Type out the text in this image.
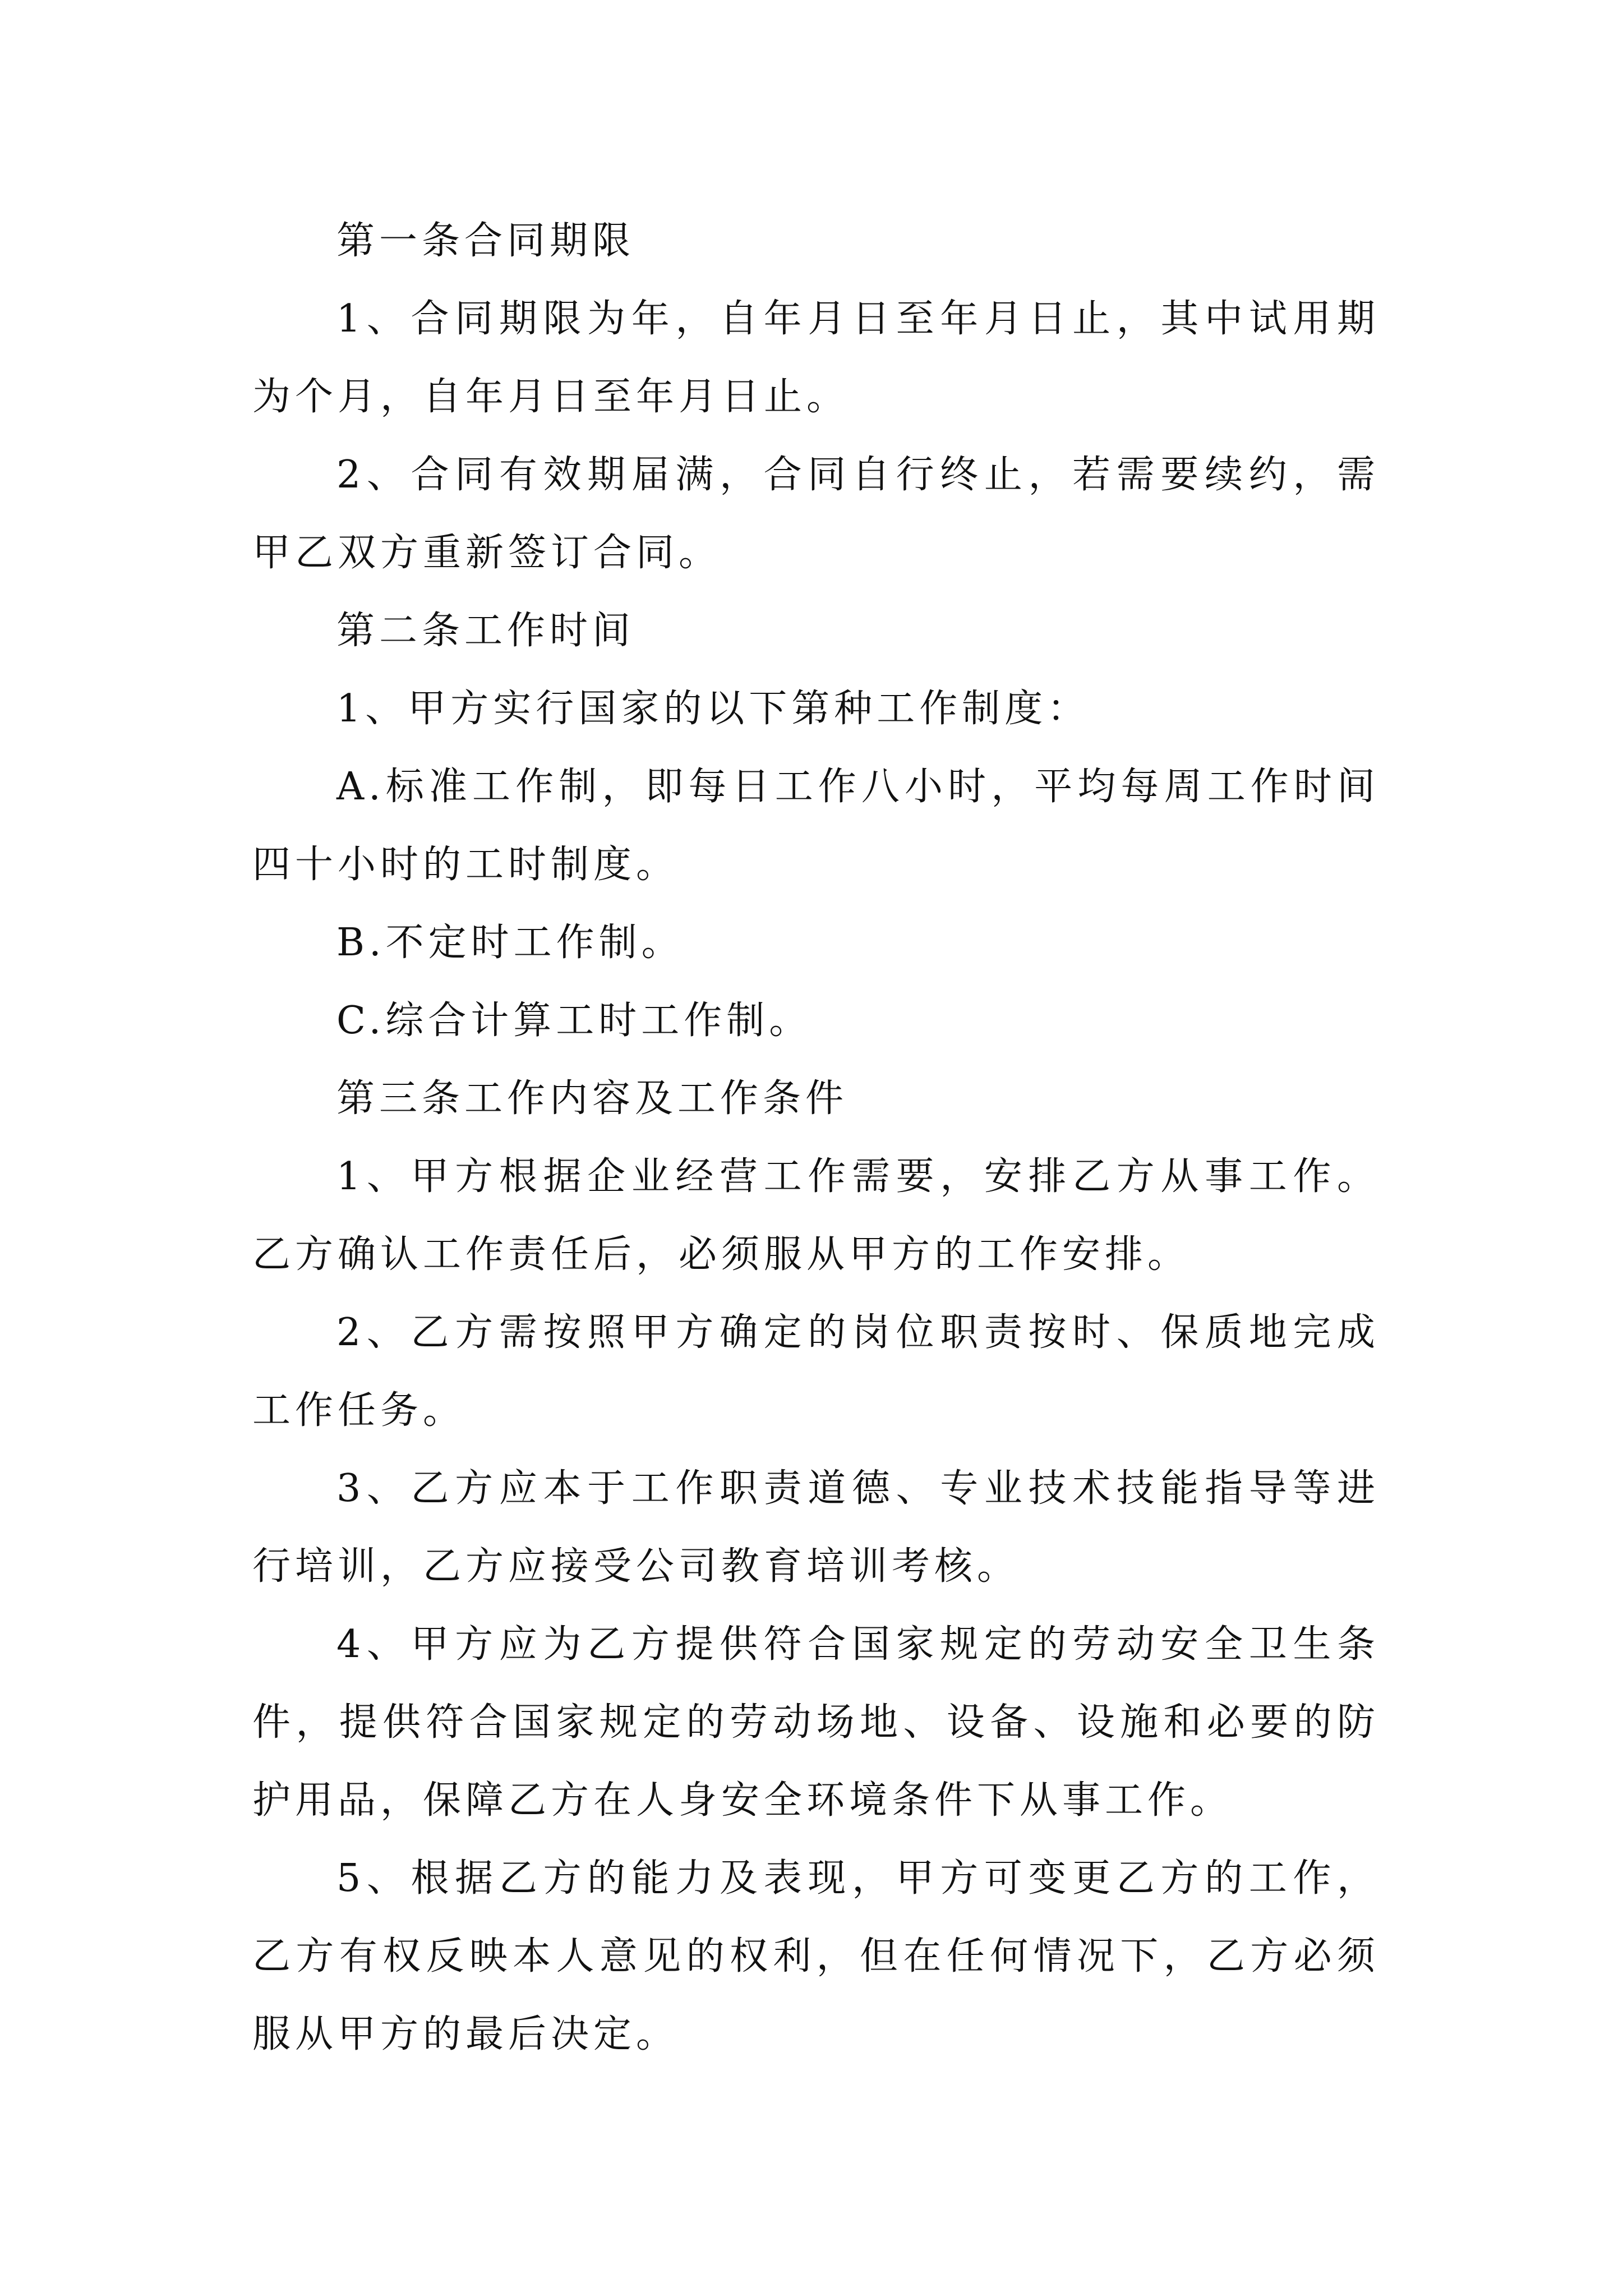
第一条合同期限

1、合同期限为年，自年月日至年月日止，其中试用期为个月，自年月日至年月日止。

2、合同有效期届满，合同自行终止，若需要续约，需甲乙双方重新签订合同。

第二条工作时间

1、甲方实行国家的以下第种工作制度：

A.标准工作制，即每日工作八小时，平均每周工作时间四十小时的工时制度。

B.不定时工作制。

C.综合计算工时工作制。

第三条工作内容及工作条件

1、甲方根据企业经营工作需要，安排乙方从事工作。乙方确认工作责任后，必须服从甲方的工作安排。

2、乙方需按照甲方确定的岗位职责按时、保质地完成工作任务。

3、乙方应本于工作职责道德、专业技术技能指导等进行培训，乙方应接受公司教育培训考核。

4、甲方应为乙方提供符合国家规定的劳动安全卫生条件，提供符合国家规定的劳动场地、设备、设施和必要的防护用品，保障乙方在人身安全环境条件下从事工作。

5、根据乙方的能力及表现，甲方可变更乙方的工作，乙方有权反映本人意见的权利，但在任何情况下，乙方必须服从甲方的最后决定。
